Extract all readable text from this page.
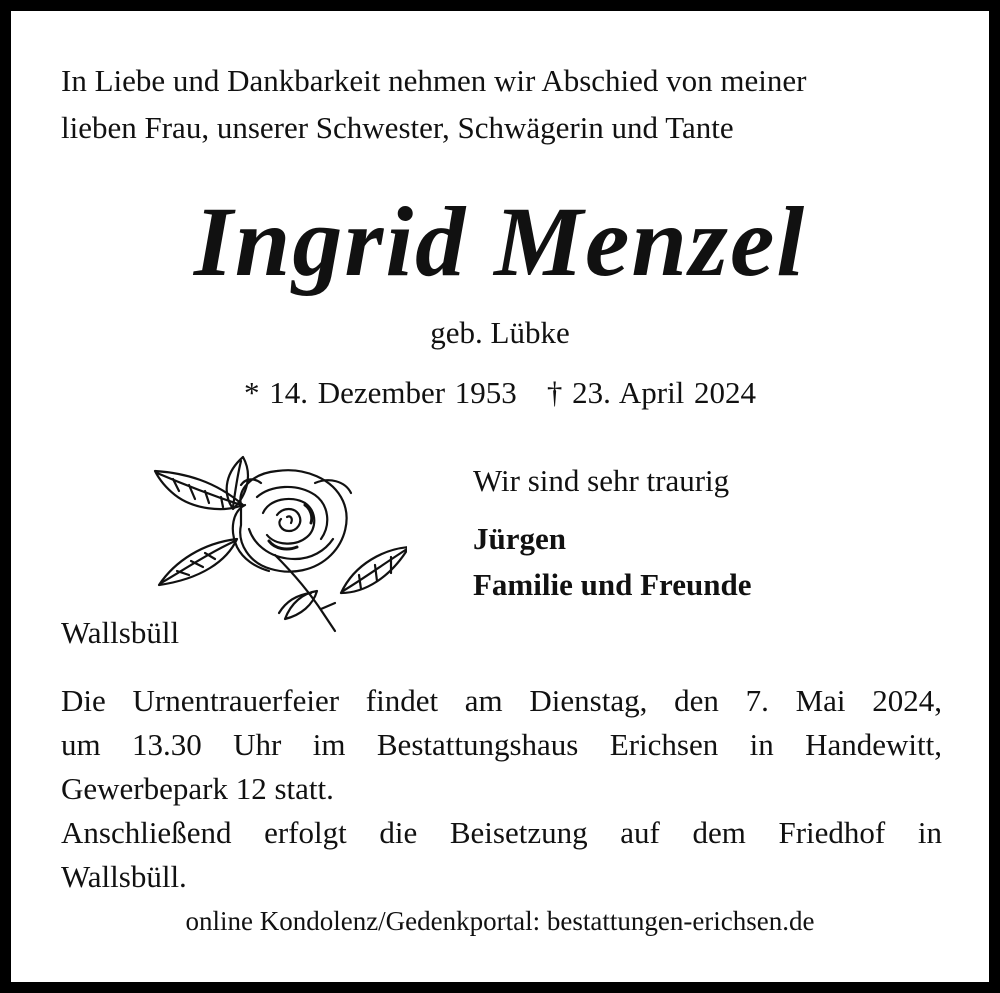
In Liebe und Dankbarkeit nehmen wir Abschied von meiner
lieben Frau, unserer Schwester, Schwägerin und Tante

Ingrid Menzel

geb. Lübke

* 14. Dezember 1953 † 23. April 2024

Wir sind sehr traurig

Jürgen

Familie und Freunde

Wallsbüll

Die Urnentrauerfeier findet am Dienstag, den 7. Mai 2024,
um 13.30 Uhr im Bestattungshaus Erichsen in Handewitt,
Gewerbepark 12 statt.
Anschließend erfolgt die Beisetzung auf dem Friedhof in
Wallsbüll.

online Kondolenz/Gedenkportal: bestattungen-erichsen.de
